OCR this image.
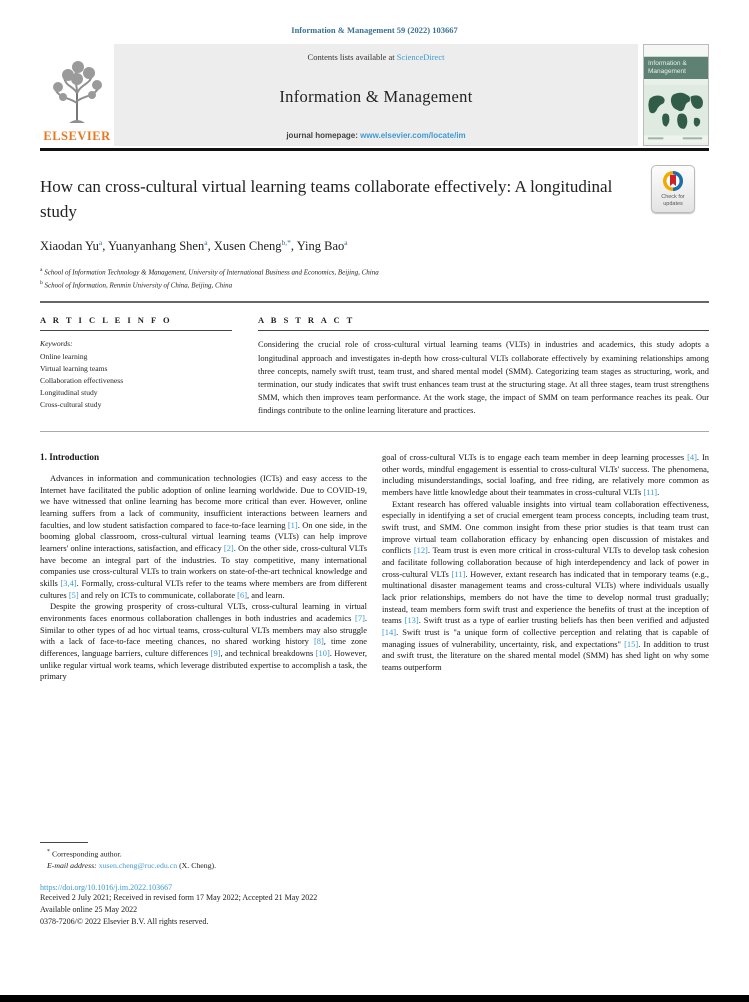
Information & Management 59 (2022) 103667
ELSEVIER
Contents lists available at ScienceDirect
Information & Management
journal homepage: www.elsevier.com/locate/im
Information & Management
How can cross-cultural virtual learning teams collaborate effectively: A longitudinal study
Check for updates
Xiaodan Yu$^a$, Yuanyanhang Shen$^a$, Xusen Cheng$^{b,*}$, Ying Bao$^a$
$^a$ School of Information Technology & Management, University of International Business and Economics, Beijing, China
$^b$ School of Information, Renmin University of China, Beijing, China
A R T I C L E I N F O
Keywords:
Online learning
Virtual learning teams
Collaboration effectiveness
Longitudinal study
Cross-cultural study
A B S T R A C T
Considering the crucial role of cross-cultural virtual learning teams (VLTs) in industries and academics, this study adopts a longitudinal approach and investigates in-depth how cross-cultural VLTs collaborate effectively by examining relationships among three concepts, namely swift trust, team trust, and shared mental model (SMM). Categorizing team stages as structuring, work, and termination, our study indicates that swift trust enhances team trust at the structuring stage. At all three stages, team trust strengthens SMM, which then improves team performance. At the work stage, the impact of SMM on team performance reaches its peak. Our findings contribute to the online learning literature and practices.
1. Introduction

Advances in information and communication technologies (ICTs) and easy access to the Internet have facilitated the public adoption of online learning worldwide. Due to COVID-19, we have witnessed that online learning has become more critical than ever. However, online learning suffers from a lack of community, insufficient interactions between learners and faculties, and low student satisfaction compared to face-to-face learning [1]. On one side, in the booming global classroom, cross-cultural virtual learning teams (VLTs) can help improve learners' online interactions, satisfaction, and efficacy [2]. On the other side, cross-cultural VLTs have become an integral part of the industries. To stay competitive, many international companies use cross-cultural VLTs to train workers on state-of-the-art technical knowledge and skills [3,4]. Formally, cross-cultural VLTs refer to the teams where members are from different cultures [5] and rely on ICTs to communicate, collaborate [6], and learn.

Despite the growing prosperity of cross-cultural VLTs, cross-cultural learning in virtual environments faces enormous collaboration challenges in both industries and academics [7]. Similar to other types of ad hoc virtual teams, cross-cultural VLTs members may also struggle with a lack of face-to-face meeting chances, no shared working history [8], time zone differences, language barriers, culture differences [9], and technical breakdowns [10]. However, unlike regular virtual work teams, which leverage distributed expertise to accomplish a task, the primary

goal of cross-cultural VLTs is to engage each team member in deep learning processes [4]. In other words, mindful engagement is essential to cross-cultural VLTs' success. The phenomena, including misunderstandings, social loafing, and free riding, are relatively more common as members have little knowledge about their teammates in cross-cultural VLTs [11].

Extant research has offered valuable insights into virtual team collaboration effectiveness, especially in identifying a set of crucial emergent team process concepts, including team trust, swift trust, and SMM. One common insight from these prior studies is that team trust can improve virtual team collaboration efficacy by enhancing open discussion of mistakes and conflicts [12]. Team trust is even more critical in cross-cultural VLTs to develop task cohesion and facilitate following collaboration because of high interdependency and lack of power in cross-cultural VLTs [11]. However, extant research has indicated that in temporary teams (e.g., multinational disaster management teams and cross-cultural VLTs) where individuals usually lack prior relationships, members do not have the time to develop normal trust gradually; instead, team members form swift trust and experience the benefits of trust at the inception of teams [13]. Swift trust as a type of earlier trusting beliefs has then been verified and adjusted [14]. Swift trust is "a unique form of collective perception and relating that is capable of managing issues of vulnerability, uncertainty, risk, and expectations" [15]. In addition to trust and swift trust, the literature on the shared mental model (SMM) has shed light on why some teams outperform

* Corresponding author.
E-mail address: xusen.cheng@ruc.edu.cn (X. Cheng).
https://doi.org/10.1016/j.im.2022.103667
Received 2 July 2021; Received in revised form 17 May 2022; Accepted 21 May 2022
Available online 25 May 2022
0378-7206/© 2022 Elsevier B.V. All rights reserved.
